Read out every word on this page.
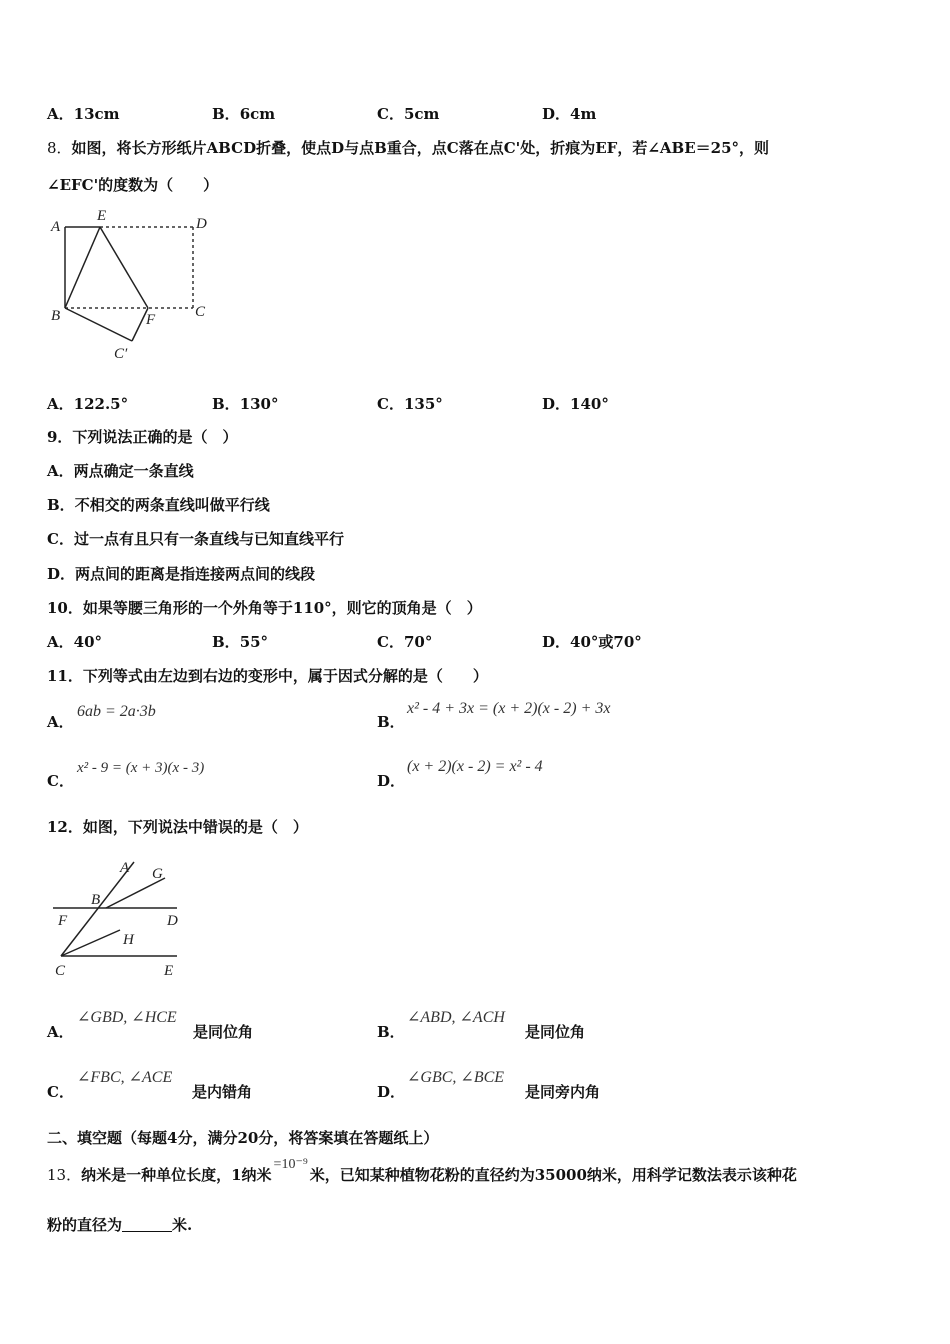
A．13cm	B．6cm	C．5cm	D．4m
8．如图，将长方形纸片ABCD折叠，使点D与点B重合，点C落在点C'处，折痕为EF，若∠ABE＝25°，则
∠EFC'的度数为（　　）
A
E	D
B	F	C
C′
A．122.5°	B．130°	C．135°	D．140°
9．下列说法正确的是（　）
A．两点确定一条直线
B．不相交的两条直线叫做平行线
C．过一点有且只有一条直线与已知直线平行
D．两点间的距离是指连接两点间的线段
10．如果等腰三角形的一个外角等于110°，则它的顶角是（　）
A．40°	B．55°	C．70°	D．40°或70°
11．下列等式由左边到右边的变形中，属于因式分解的是（　　）
A．
6ab = 2a·3b
B．
x² - 4 + 3x = (x + 2)(x - 2) + 3x
C．
x² - 9 = (x + 3)(x - 3)
D．
(x + 2)(x - 2) = x² - 4
12．如图，下列说法中错误的是（　）
A G
B
F	D
H
C	E
A．
∠GBD, ∠HCE
是同位角	B．
∠ABD, ∠ACH
是同位角
C．
∠FBC, ∠ACE
是内错角	D．
∠GBC, ∠BCE
是同旁内角
二、填空题（每题4分，满分20分，将答案填在答题纸上）
13．纳米是一种单位长度，1纳米=10⁻⁹米，已知某种植物花粉的直径约为35000纳米，用科学记数法表示该种花
粉的直径为	米.
